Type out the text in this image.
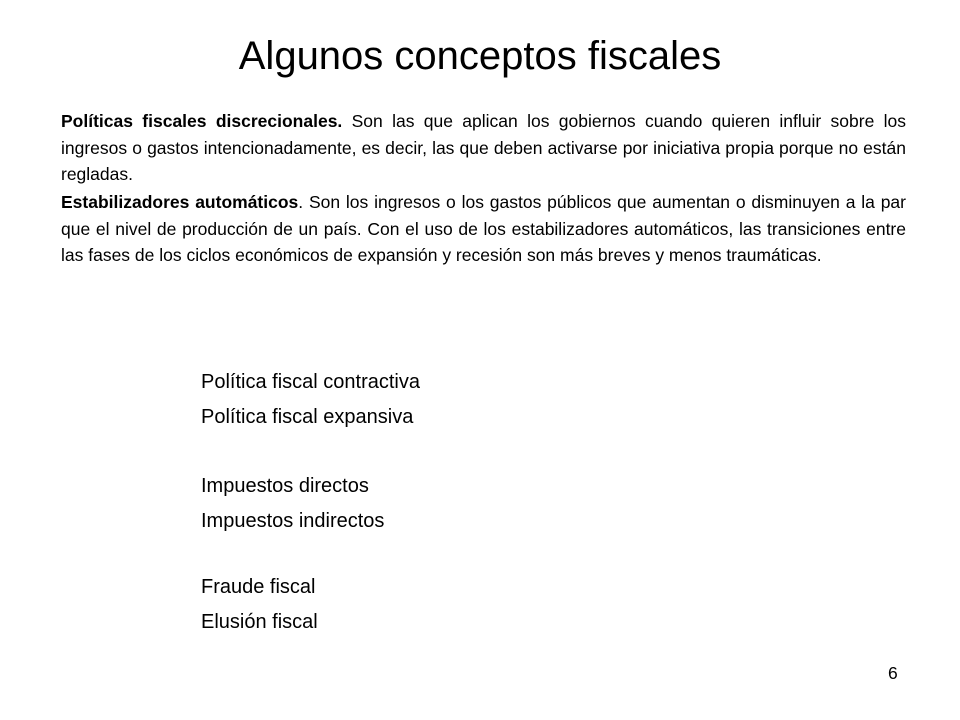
Algunos conceptos fiscales

Políticas fiscales discrecionales. Son las que aplican los gobiernos cuando quieren influir sobre los ingresos o gastos intencionadamente, es decir, las que deben activarse por iniciativa propia porque no están regladas.

Estabilizadores automáticos. Son los ingresos o los gastos públicos que aumentan o disminuyen a la par que el nivel de producción de un país. Con el uso de los estabilizadores automáticos, las transiciones entre las fases de los ciclos económicos de expansión y recesión son más breves y menos traumáticas.

Política fiscal contractiva
Política fiscal expansiva
Impuestos directos
Impuestos indirectos
Fraude fiscal
Elusión fiscal
6
